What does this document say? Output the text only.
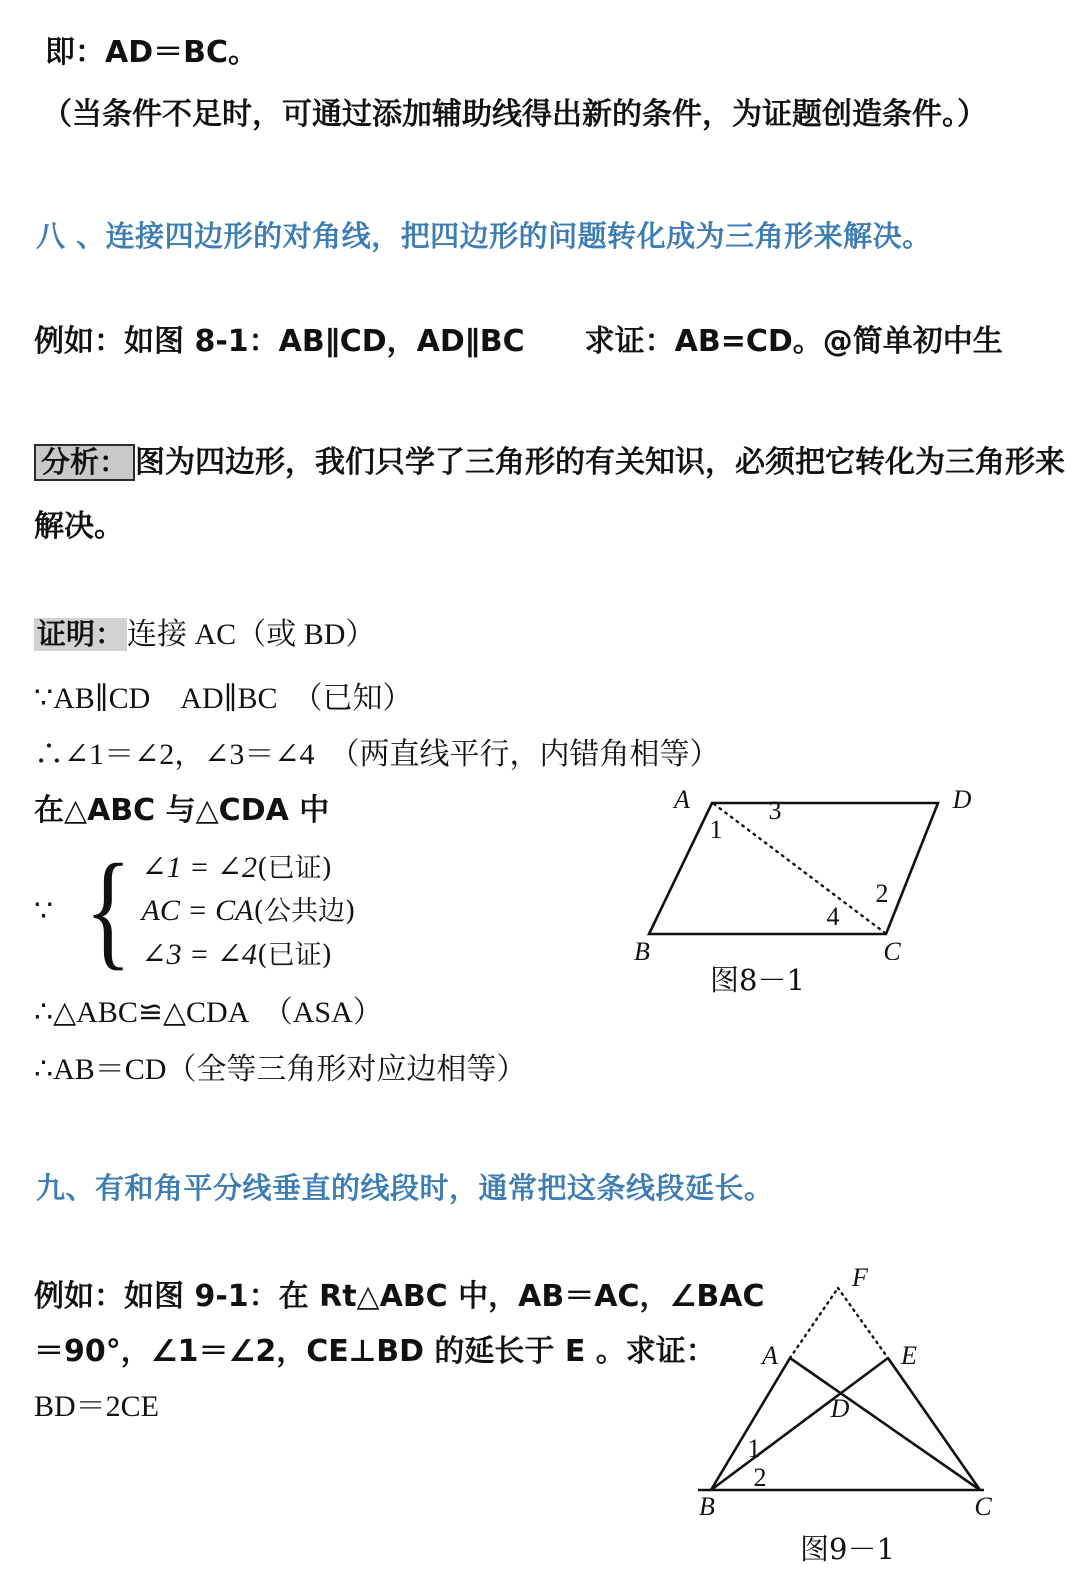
即：AD＝BC。
（当条件不足时，可通过添加辅助线得出新的条件，为证题创造条件。）
八 、连接四边形的对角线，把四边形的问题转化成为三角形来解决。
例如：如图 8-1：AB∥CD，AD∥BC　　求证：AB=CD。@简单初中生
分析： 图为四边形，我们只学了三角形的有关知识，必须把它转化为三角形来
解决。
证明： 连接 AC（或 BD）
∵AB∥CD　AD∥BC　（已知）
∴∠1＝∠2，∠3＝∠4　（两直线平行，内错角相等）
在△ABC 与△CDA 中
∵ { ∠1 = ∠2(已证)
AC = CA(公共边)
∠3 = ∠4(已证)
∴△ABC≌△CDA　（ASA）
∴AB＝CD（全等三角形对应边相等）
A	D
B	C
1
3
2
4
图8－1
九、有和角平分线垂直的线段时，通常把这条线段延长。
例如：如图 9-1：在 Rt△ABC 中，AB＝AC，∠BAC
＝90°，∠1＝∠2，CE⊥BD 的延长于 E 。求证：
BD＝2CE
F
A	E
D
B	C
1
2
图9－1
